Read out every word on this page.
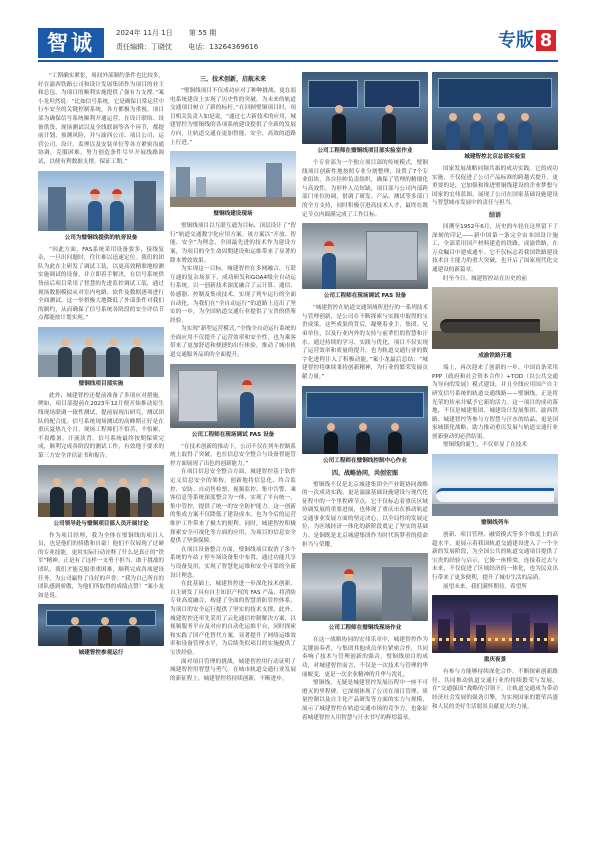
智诚	2024年 11月 1日 第 55 期
责任编辑：丁晓忱 电话：13264369616	专版 8

“工期确实紧张，周间外部制约条件也比较多，好在渝西铁路公司和设计发展集团作为项目的业主和总包，为项目的顺利实施提供了强有力支撑。”案小龙坦然说：“比如信号系统，它是确保日常运营中行车安全的关键控制系统，各方都极为重视。项目部为确保信号系统顺利开通运营，在设计联络、设备供货、现场测试以及全线联调等各个环节，都提前计划、预测风险，并与渝西公司、项目公司、运营公司、设计、监理以及安装单位等各方紧密沟通协调，克服困难，努力创造条件尽早开展线路调试，以便有利数据支撑，保证工期。”

公司为璧铜线提供的轨旁设备

“因此方面，FAS系统采用设备要多，接线复杂，一旦出问题时，往往难以迅速定位。我们的团队为此在主研发了调试工装，以更高效精准地检测实施调试的设备，并立即着手解决。在信号系统供货前后项目采用了智慧的先进监控调试工装，通过现场数据模拟从对室内电路、软件及数据逐项进行全面测试。这一举措极大地降低了外部条件对我们的制约，从而确保了信号系统各阶段的安全评估节点都能按计划实现。”

璧铜线项目部实施

此外，城建智控还提前准备了多项应对措施。例如，项目部提前在2023年12月便开始推动原生线现场联调一致性测试，提前展现出研究、测试团队的配合度。信号系统现场测试的高峰期正好是在重庆夏热九个月，现场工程师们不怕苦，不怕累，不畏酷暑，汗流浃背，信号系统最终按期保质完成，顺利完成各阶段的测试工作，有效地于要求的第三方安全评估证书和报告。

公司领导赴与璧铜项目部人员开展讨论

作为项目经理，我为全体在璧铜线的项目人员，也是他们的骄傲和自豪！他们不仅展现了过硬的专业技能，更用实际行动诠释了什么是真正的“铁军”精神。正是有了这样一支勇于担当、敢于挑战的团队，我们才能克服重重困难，顺利完成各项建设任务，为公司赢得了良好的声誉。“我为自己所在的团队感到骄傲，为他们所取得的成绩点赞！”案小龙如是说。

城建智控参观运行
三、技术创新，启航未来

“璧铜线项目不仅成功应对了种种挑战，更在弱电系统建设上实现了历史性的突破。为未来的轨道交通项目树立了新的标杆。”在回顾璧铜项目时，项目相关负责人如是说。“通过七大新技术的应用，城建智控为璧铜线的各项系统建设提供了全新的发展方向，让轨道交通在更加智能、安全、高效的道路上行进。”

璧铜线建设现场

璧铜线项目以互联互通为目标，顶层设计了“智行”轨道交通数字化应用方案。该方案以“开放、智能、安全”为理念，全国最先进的技术作为建设方案，为项目的全生命周期建设和运维带来了显著的降本增效效果。

为实现这一目标，城建智控在多网融合、互联互通的复杂场景下，成功研发和GOA4级全自动运行系统，以一创新技术深度融合了云计算、通信、传感器、控制及集成技术，实现了列车运行的全面自动化，为我们在“全自动运行”的道路上迈出了坚实的一步，为全国轨道交通行业提供了宝贵的借鉴经验。

为实现“新型运营模式，”全线全自动运行系统的全面应用不仅提升了运营效率和安全性，也为乘客带来了更加舒适和便捷的出行体验，推动了城市轨道交通服务品质的全面提升。

公司工程师在现场调试 FAS 设备

“在技术创新的推动下，公司不仅在列车控制系统上取得了突破，也在信息安全整合与设备智能管控方面展现了出色的创新能力。”

在项目信息安全整合方面，城建智控基于软件定义信息安全的架构，创新地将信息化、终合监控、安防、自动售检票、视频监控、集中告警、乘客信息等系统深度整合为一体，实现了平台统一、集中管控，提供了统一的安全防护能力。这一创新的集成方案不仅降低了建设成本，也为今后的运营维护工作带来了极大的便利。同时，城建智控积极探索安全可视化等方面的应用，为项目的信息安全提供了坚强保障。

在项目设备整合方面，璧铜线项目取消了多个系统的车站 / 停车场设备集中布置，通过功能共享与设备复用，实现了智慧化运维和安全可靠的全新设计理念。

在此基础上，城建智控进一步深化技术创新，自主研发了具有自主知识产权的 FAS 产品，将消防专业高度融合，构建了全面的智慧消防管控体系，为项目的安全运行提供了坚实的技术支撑。此外，城建智控还率先采用了云化通信控制解决方案，以视频服务平台及对应的自动化运维平台，同时探索和实践了国产化替代方案，显著提升了网络运维效率和设备管理水平，为后续类似项目的实施提供了宝贵经验。

面对项目管理的挑战，城建智控用行动证明了城建智控用智慧与勇气。在城市轨道交通行业发展的新征程上，城建智控将持续创新，不断进步。

公司工程师在璧铜线项目部实验室作业

个专业部为一个独立项目部的传统模式，璧铜线项目创新性地按照专业分割整理，设置了7个专业组块，各自挂帅负责组织，确保了管理的精细化与高效性。为形朴人员短缺，项目部与公司内部跨部门单位协调，借调了研发、产品、测试等多部门的全方支持，同时积极引进高技术人才，最终在既定节点内圆满完成了工作目标。

公司工程师在现场调试 FAS 设备

“城建智控在轨道交通领域所进行的一系列技术与管理创新，是公司在不断探索与实践中取得的宝贵成果。这些成果的背后，凝聚着业主、集团、兄弟单位，以及行业内外的支持与前辈们的智慧和汗水。通过持续的学习、实践与优化，项目不仅实现了运营效率和质量的提升，也为轨道交通行业的数字化进程注入了积极动能。”案小龙最后总结：“城建智控将继续秉持创新精神，为行业的繁荣发展贡献力量。”

公司工程师在璧铜线控制中心作业
四、战略协同，共创宏图

璧铜线不仅是北京城建集团全产业链协同战略的一次成功实践，更是渝渝基础设施建设与现代化征程中的一个里程碑节点。它不仅标志着重庆区域协调发展的重要进展，也体现了重庆市在推动轨道交通事业发展方面的坚定决心，以全局性的发展定位，为区域经济一体化的新阶段奠定了坚实的基础力。是铜既是北京城建集团作为时代筑梦者的使命担当与荣耀。

公司工程师在璧铜线现场作业

在这一战略协同的宏伟乐章中，城建智控作为关键演奏者，与集团其他成员单位紧密合作，共同奏响了技术与管理创新的强音。璧铜线项目的成功，对城建智控而言，不仅是一次技术与管理的华丽蜕变，更是一次企业精神的升华与洗礼。

璧铜线，无疑是城建智控发展历程中一座不可磨灭的里程碑。它深刻体现了公司在项目管理、质量控制以及自主化产品研发等方面的实力与规模，展示了城建智控在轨道交通市场的竞争力，也象征着城建智控人用智慧与汗水书写的辉煌篇章。

城建智控北京总部实验室

国家发展战略同频共振的成功实践。它的成功实施，不仅促进了公司产品标准的跨越式提升，更重要的是，它加强和推进璧铜线建设的企业梦想与国家的宏伟蓝图。展现了公司在国家基础设施建设与智慧城市发展中的责任与担当。

结语

回溯至1952年6月，历史的车轮在这里留下了深刻的印记——新中国第一条完全由本国设计施工，全部采用国产材料建造的铁路，成渝铁路，在万众瞩目中建成通车。它不仅标志着我国铁路建设技术自主能力的重大突破，也开启了国家现代化交通建设的新篇章。

时至今日，城建智控站在历史的前

成渝铁路开通

端上，再次迎来了创新的一步。中国首条采用PPP（政府和社会资本合作）+TOD（以公共交通为导向的发展）模式建设，并且全线应用国产自主研发信号系统的轨道交通线路——璧铜线，正是将光荣的传承并赋予它新的活力。这一项目的成功落地，不仅是城建集团、城建设计发展集团、渝西铁路、城建智控等参与方智慧与汗水的结晶，更是国家城镇化战略、助力推动重庆发展与轨道交通行业创新驱动的必然结果。

璧铜线的诞生，不仅彰显了在技术

璧铜线列车

创新、项目管理、融资模式等多个维度上的高超水平，更展示着我国轨道交通建设进入了一个全新的发展阶段，为全国公共的轨道交通项目提供了宝贵的经验与启示，它像一座桥梁，连接着过去与未来，不仅促进了区域经济的一体化，也为民众出行带来了更多便利，提升了城市生活的品质。

展望未来，我们满怀期待，希望所

重庆夜景

有参与方能够持续深化合作，不断探索创新路径，共同推动轨道交通行业的持续繁荣与发展。在“交通强国”战略的引领下，让轨道交通成为带动经济社会发展的强劲引擎，为实现国家的繁荣昌盛和人民的美好生活愿景贡献更大的力量。
